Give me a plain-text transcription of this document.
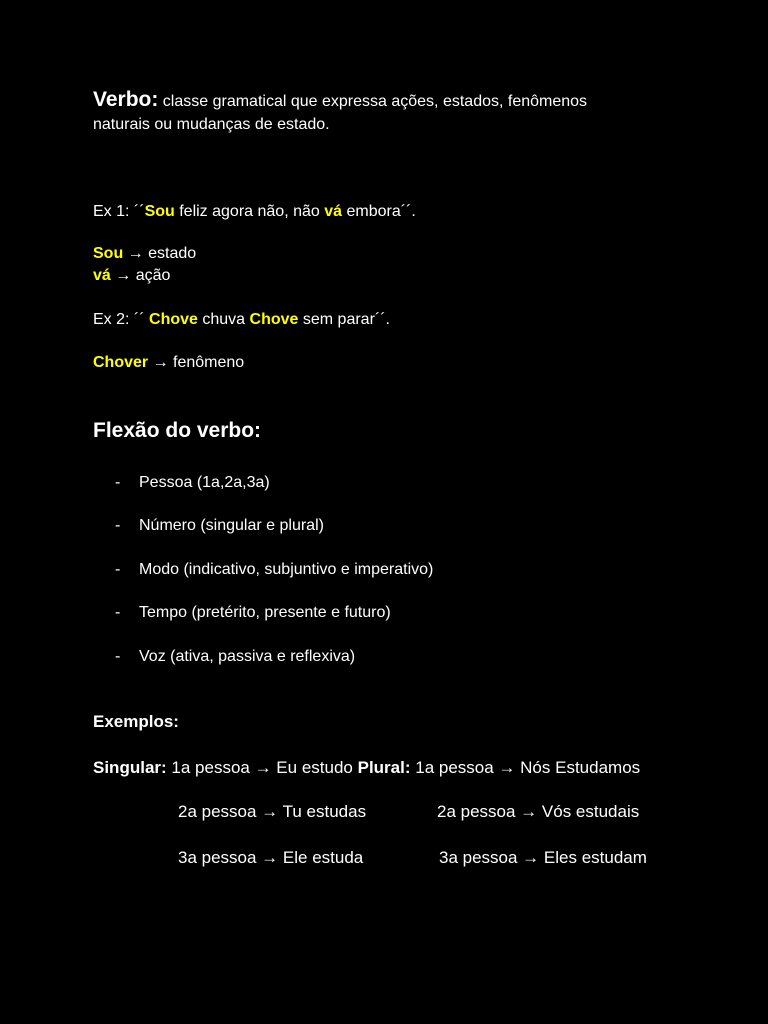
Verbo: classe gramatical que expressa ações, estados, fenômenos
naturais ou mudanças de estado.
Ex 1: ´´Sou feliz agora não, não vá embora´´.
Sou → estado
vá → ação
Ex 2: ´´ Chove chuva Chove sem parar´´.
Chover → fenômeno
Flexão do verbo:
- Pessoa (1a,2a,3a)
- Número (singular e plural)
- Modo (indicativo, subjuntivo e imperativo)
- Tempo (pretérito, presente e futuro)
- Voz (ativa, passiva e reflexiva)
Exemplos:
Singular: 1a pessoa → Eu estudo Plural: 1a pessoa → Nós Estudamos
2a pessoa → Tu estudas	2a pessoa → Vós estudais
3a pessoa → Ele estuda	3a pessoa → Eles estudam
